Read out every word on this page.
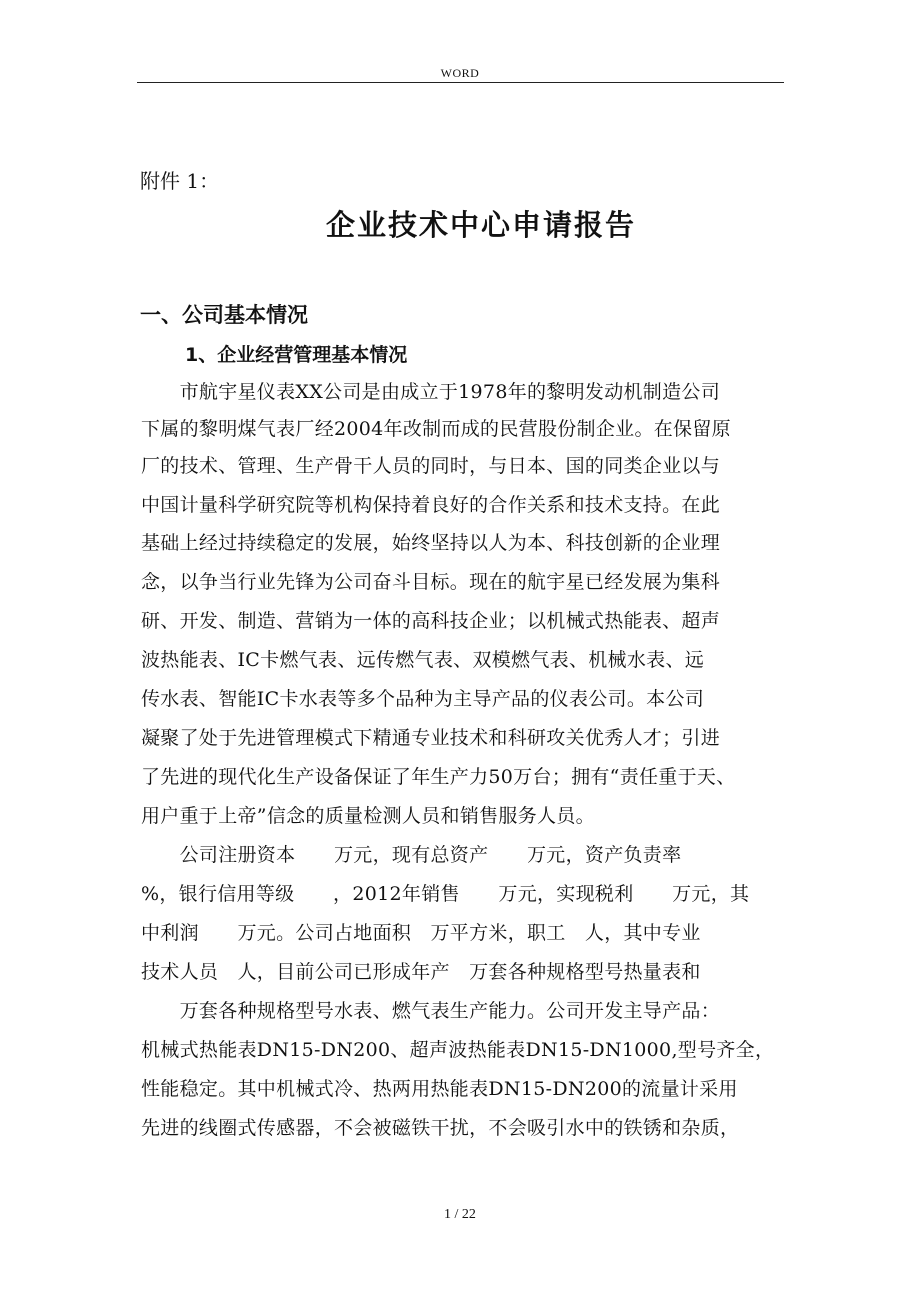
WORD
附件 1：
企业技术中心申请报告
一、公司基本情况
1、企业经营管理基本情况
　　市航宇星仪表XX公司是由成立于1978年的黎明发动机制造公司
下属的黎明煤气表厂经2004年改制而成的民营股份制企业。在保留原
厂的技术、管理、生产骨干人员的同时，与日本、国的同类企业以与
中国计量科学研究院等机构保持着良好的合作关系和技术支持。在此
基础上经过持续稳定的发展，始终坚持以人为本、科技创新的企业理
念，以争当行业先锋为公司奋斗目标。现在的航宇星已经发展为集科
研、开发、制造、营销为一体的高科技企业；以机械式热能表、超声
波热能表、IC卡燃气表、远传燃气表、双模燃气表、机械水表、远
传水表、智能IC卡水表等多个品种为主导产品的仪表公司。本公司
凝聚了处于先进管理模式下精通专业技术和科研攻关优秀人才；引进
了先进的现代化生产设备保证了年生产力50万台；拥有“责任重于天、
用户重于上帝”信念的质量检测人员和销售服务人员。
　　公司注册资本　　万元，现有总资产　　万元，资产负责率
%，银行信用等级　　，2012年销售　　万元，实现税利　　万元，其
中利润　　万元。公司占地面积　万平方米，职工　人，其中专业
技术人员　人，目前公司已形成年产　万套各种规格型号热量表和
　　万套各种规格型号水表、燃气表生产能力。公司开发主导产品：
机械式热能表DN15-DN200、超声波热能表DN15-DN1000,型号齐全，
性能稳定。其中机械式冷、热两用热能表DN15-DN200的流量计采用
先进的线圈式传感器，不会被磁铁干扰，不会吸引水中的铁锈和杂质，
1 / 22
